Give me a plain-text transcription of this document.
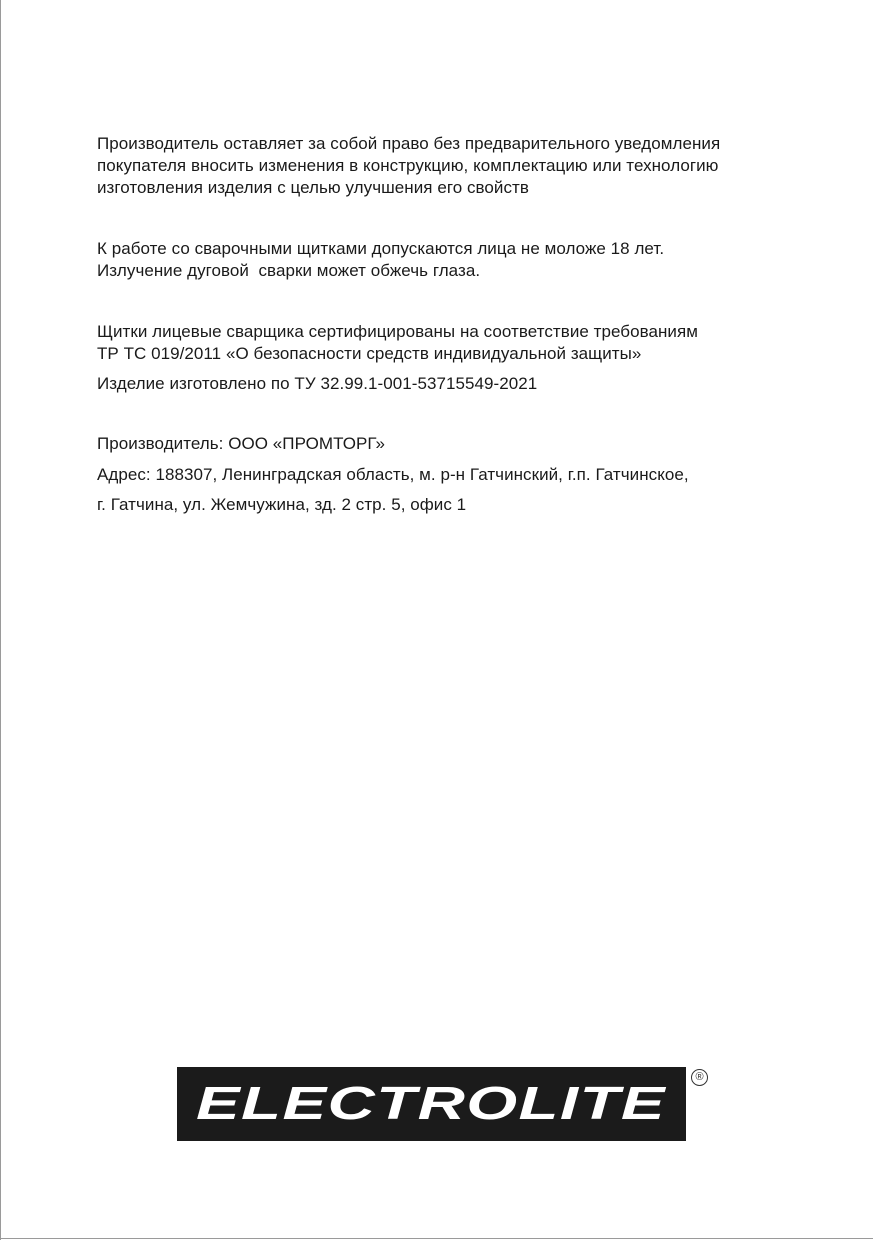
Производитель оставляет за собой право без предварительного уведомления
покупателя вносить изменения в конструкцию, комплектацию или технологию
изготовления изделия с целью улучшения его свойств
К работе со сварочными щитками допускаются лица не моложе 18 лет.
Излучение дуговой  сварки может обжечь глаза.
Щитки лицевые сварщика сертифицированы на соответствие требованиям
ТР ТС 019/2011 «О безопасности средств индивидуальной защиты»
Изделие изготовлено по ТУ 32.99.1-001-53715549-2021
Производитель: ООО «ПРОМТОРГ»
Адрес: 188307, Ленинградская область, м. р-н Гатчинский, г.п. Гатчинское,
г. Гатчина, ул. Жемчужина, зд. 2 стр. 5, офис 1
ELECTROLITE	®
